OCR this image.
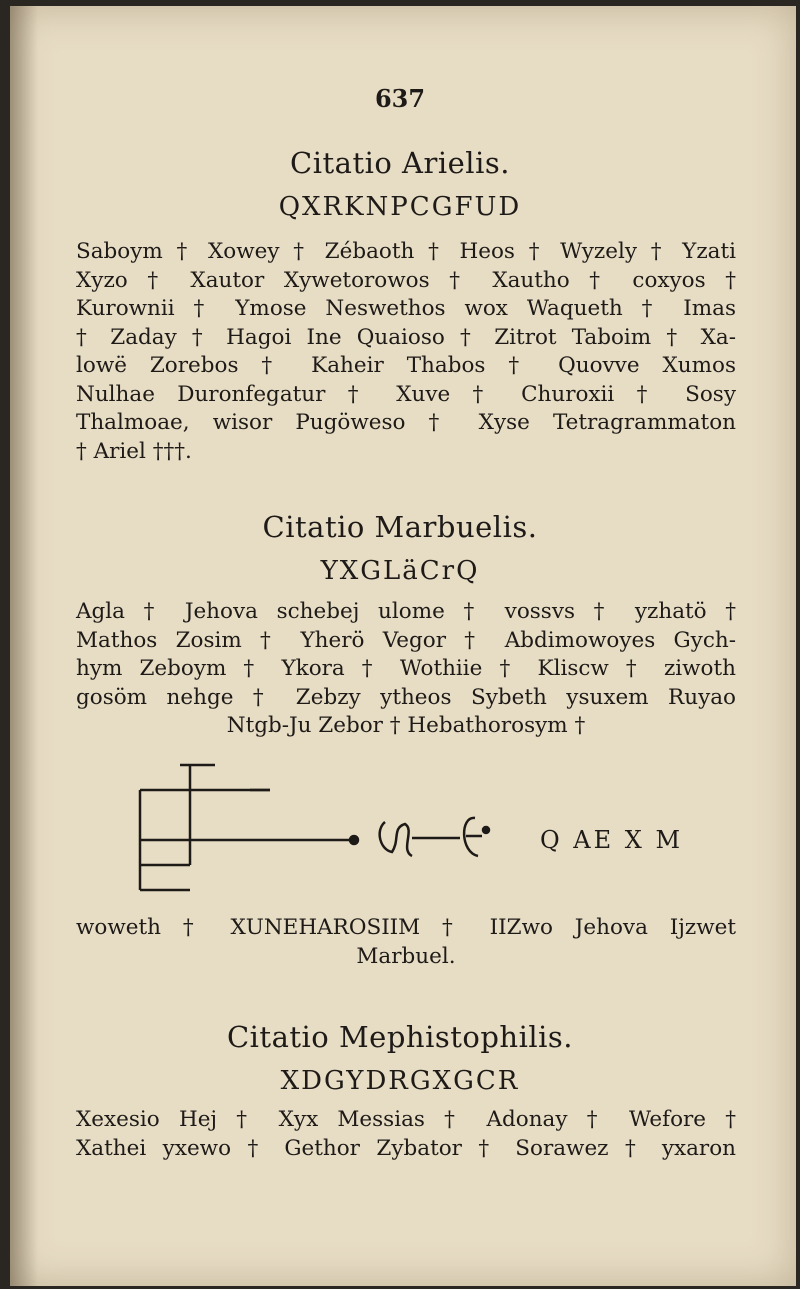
637
Citatio Arielis.
QXRKNPCGFUD
Saboym † Xowey † Zébaoth † Heos † Wyzely † Yzati
Xyzo † Xautor Xywetorowos † Xautho † coxyos †
Kurownii † Ymose Neswethos wox Waqueth † Imas
† Zaday † Hagoi Ine Quaioso † Zitrot Taboim † Xa-
lowë Zorebos † Kaheir Thabos † Quovve Xumos
Nulhae Duronfegatur † Xuve † Churoxii † Sosy
Thalmoae, wisor Pugöweso † Xyse Tetragrammaton
† Ariel †††.
Citatio Marbuelis.
YXGLäCrQ
Agla † Jehova schebej ulome † vossvs † yzhatö †
Mathos Zosim † Yherö Vegor † Abdimowoyes Gych-
hym Zeboym † Ykora † Wothiie † Kliscw † ziwoth
gosöm nehge † Zebzy ytheos Sybeth ysuxem Ruyao
Ntgb-Ju Zebor † Hebathorosym †
Q AE X M
woweth † XUNEHAROSIIM † IIZwo Jehova Ijzwet
Marbuel.
Citatio Mephistophilis.
XDGYDRGXGCR
Xexesio Hej † Xyx Messias † Adonay † Wefore †
Xathei yxewo † Gethor Zybator † Sorawez † yxaron
